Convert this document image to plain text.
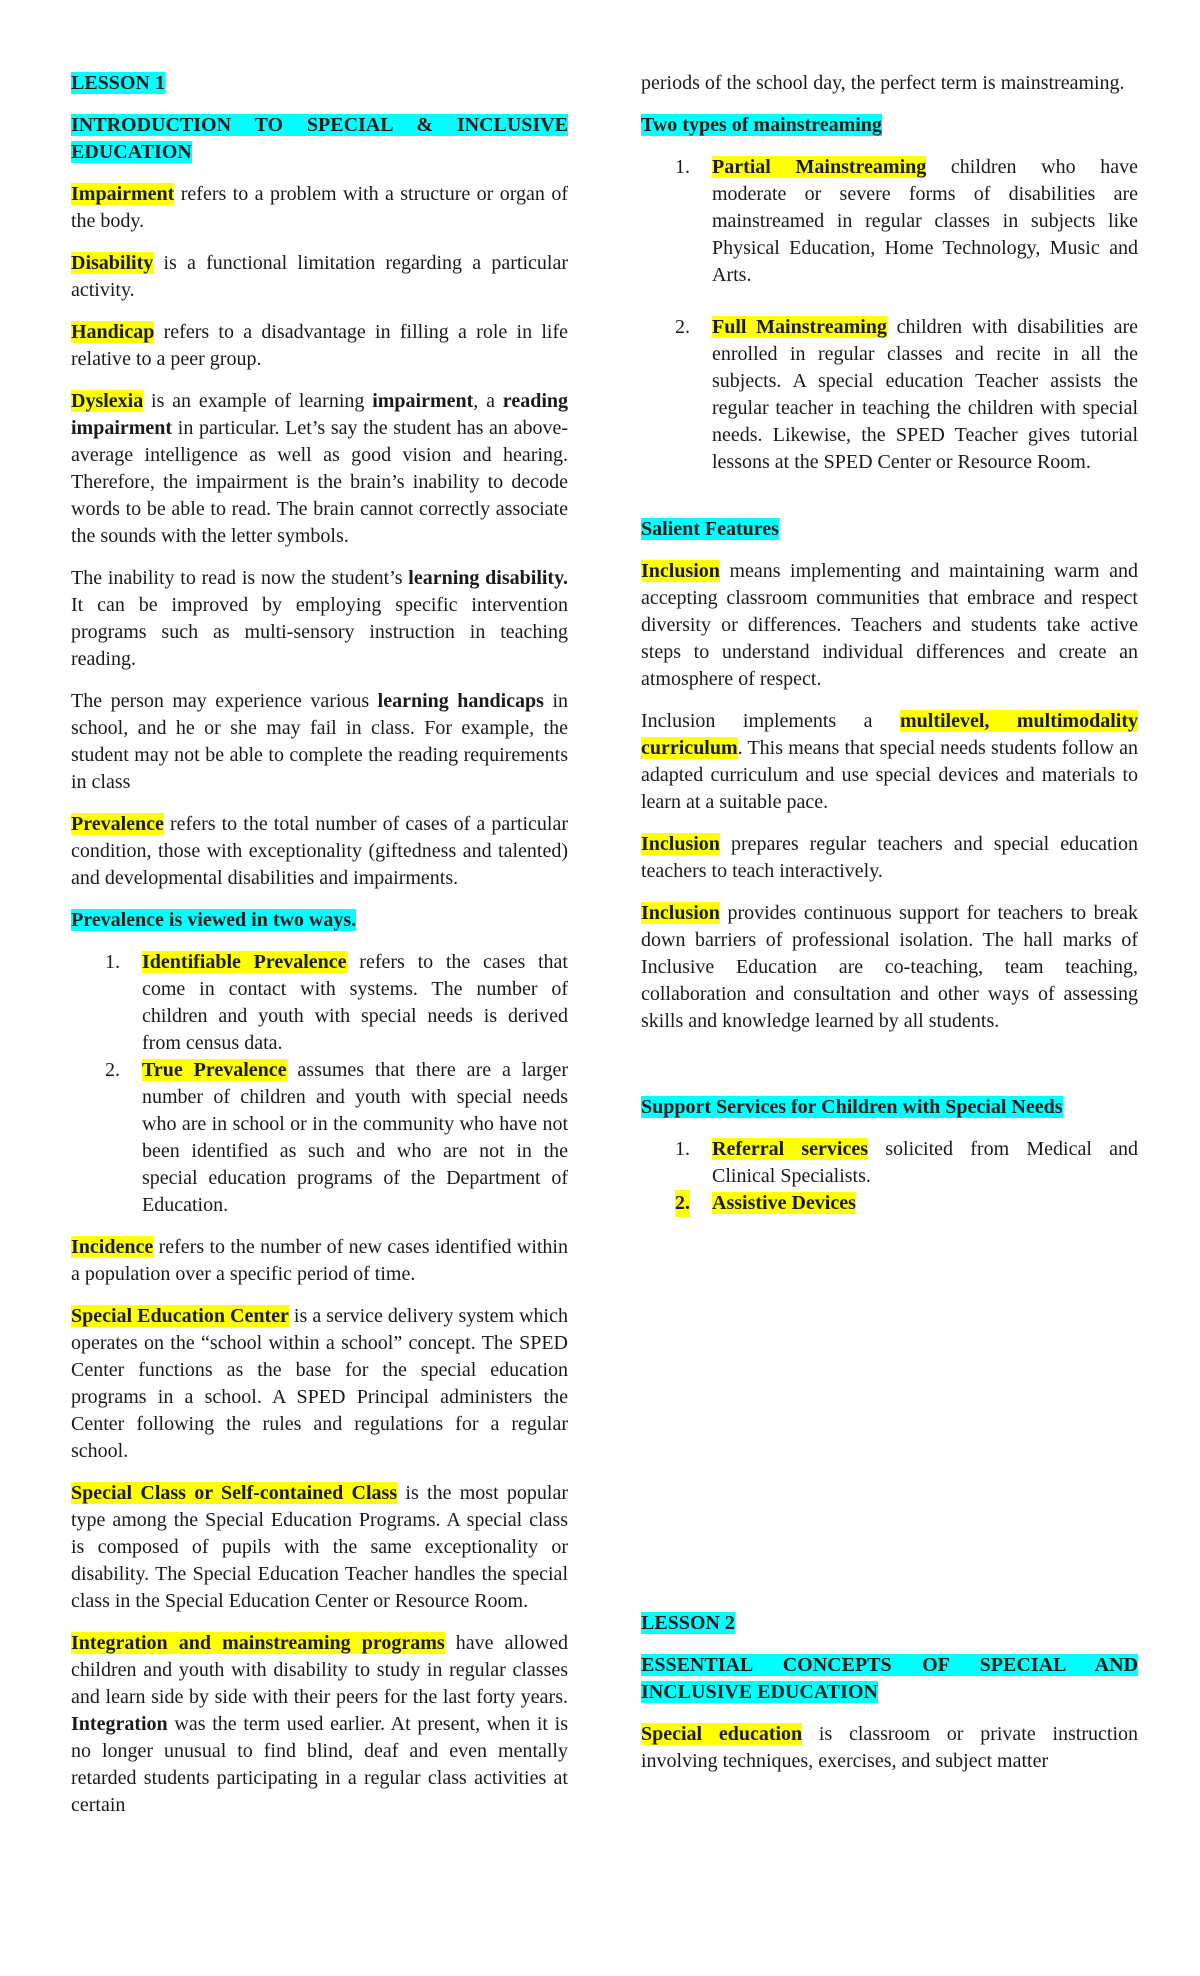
LESSON 1

INTRODUCTION TO SPECIAL & INCLUSIVE EDUCATION

Impairment refers to a problem with a structure or organ of the body.

Disability is a functional limitation regarding a particular activity.

Handicap refers to a disadvantage in filling a role in life relative to a peer group.

Dyslexia is an example of learning impairment, a reading impairment in particular. Let’s say the student has an above-average intelligence as well as good vision and hearing. Therefore, the impairment is the brain’s inability to decode words to be able to read. The brain cannot correctly associate the sounds with the letter symbols.

The inability to read is now the student’s learning disability. It can be improved by employing specific intervention programs such as multi-sensory instruction in teaching reading.

The person may experience various learning handicaps in school, and he or she may fail in class. For example, the student may not be able to complete the reading requirements in class

Prevalence refers to the total number of cases of a particular condition, those with exceptionality (giftedness and talented) and developmental disabilities and impairments.

Prevalence is viewed in two ways.

1. Identifiable Prevalence refers to the cases that come in contact with systems. The number of children and youth with special needs is derived from census data.
2. True Prevalence assumes that there are a larger number of children and youth with special needs who are in school or in the community who have not been identified as such and who are not in the special education programs of the Department of Education.

Incidence refers to the number of new cases identified within a population over a specific period of time.

Special Education Center is a service delivery system which operates on the “school within a school” concept. The SPED Center functions as the base for the special education programs in a school. A SPED Principal administers the Center following the rules and regulations for a regular school.

Special Class or Self-contained Class is the most popular type among the Special Education Programs. A special class is composed of pupils with the same exceptionality or disability. The Special Education Teacher handles the special class in the Special Education Center or Resource Room.

Integration and mainstreaming programs have allowed children and youth with disability to study in regular classes and learn side by side with their peers for the last forty years. Integration was the term used earlier. At present, when it is no longer unusual to find blind, deaf and even mentally retarded students participating in a regular class activities at certain

periods of the school day, the perfect term is mainstreaming.

Two types of mainstreaming

1. Partial Mainstreaming children who have moderate or severe forms of disabilities are mainstreamed in regular classes in subjects like Physical Education, Home Technology, Music and Arts.
2. Full Mainstreaming children with disabilities are enrolled in regular classes and recite in all the subjects. A special education Teacher assists the regular teacher in teaching the children with special needs. Likewise, the SPED Teacher gives tutorial lessons at the SPED Center or Resource Room.

Salient Features

Inclusion means implementing and maintaining warm and accepting classroom communities that embrace and respect diversity or differences. Teachers and students take active steps to understand individual differences and create an atmosphere of respect.

Inclusion implements a multilevel, multimodality curriculum. This means that special needs students follow an adapted curriculum and use special devices and materials to learn at a suitable pace.

Inclusion prepares regular teachers and special education teachers to teach interactively.

Inclusion provides continuous support for teachers to break down barriers of professional isolation. The hall marks of Inclusive Education are co-teaching, team teaching, collaboration and consultation and other ways of assessing skills and knowledge learned by all students.

Support Services for Children with Special Needs

1. Referral services solicited from Medical and Clinical Specialists.
2. Assistive Devices

LESSON 2

ESSENTIAL CONCEPTS OF SPECIAL AND INCLUSIVE EDUCATION

Special education is classroom or private instruction involving techniques, exercises, and subject matter
